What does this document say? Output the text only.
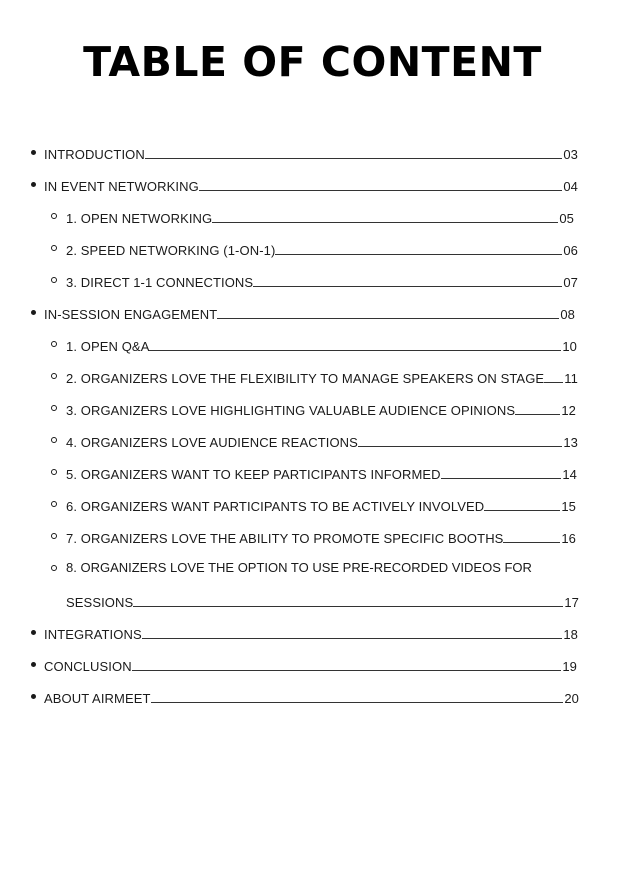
TABLE OF CONTENT
INTRODUCTION	03
IN EVENT NETWORKING	04
1. OPEN NETWORKING	05
2. SPEED NETWORKING (1-ON-1)	06
3. DIRECT 1-1 CONNECTIONS	07
IN-SESSION ENGAGEMENT	08
1. OPEN Q&A	10
2. ORGANIZERS LOVE THE FLEXIBILITY TO MANAGE SPEAKERS ON STAGE 11
3. ORGANIZERS LOVE HIGHLIGHTING VALUABLE AUDIENCE OPINIONS	12
4. ORGANIZERS LOVE AUDIENCE REACTIONS	13
5. ORGANIZERS WANT TO KEEP PARTICIPANTS INFORMED	14
6. ORGANIZERS WANT PARTICIPANTS TO BE ACTIVELY INVOLVED	15
7. ORGANIZERS LOVE THE ABILITY TO PROMOTE SPECIFIC BOOTHS	16
8. ORGANIZERS LOVE THE OPTION TO USE PRE-RECORDED VIDEOS FOR
SESSIONS	17
INTEGRATIONS	18
CONCLUSION	19
ABOUT AIRMEET	20
